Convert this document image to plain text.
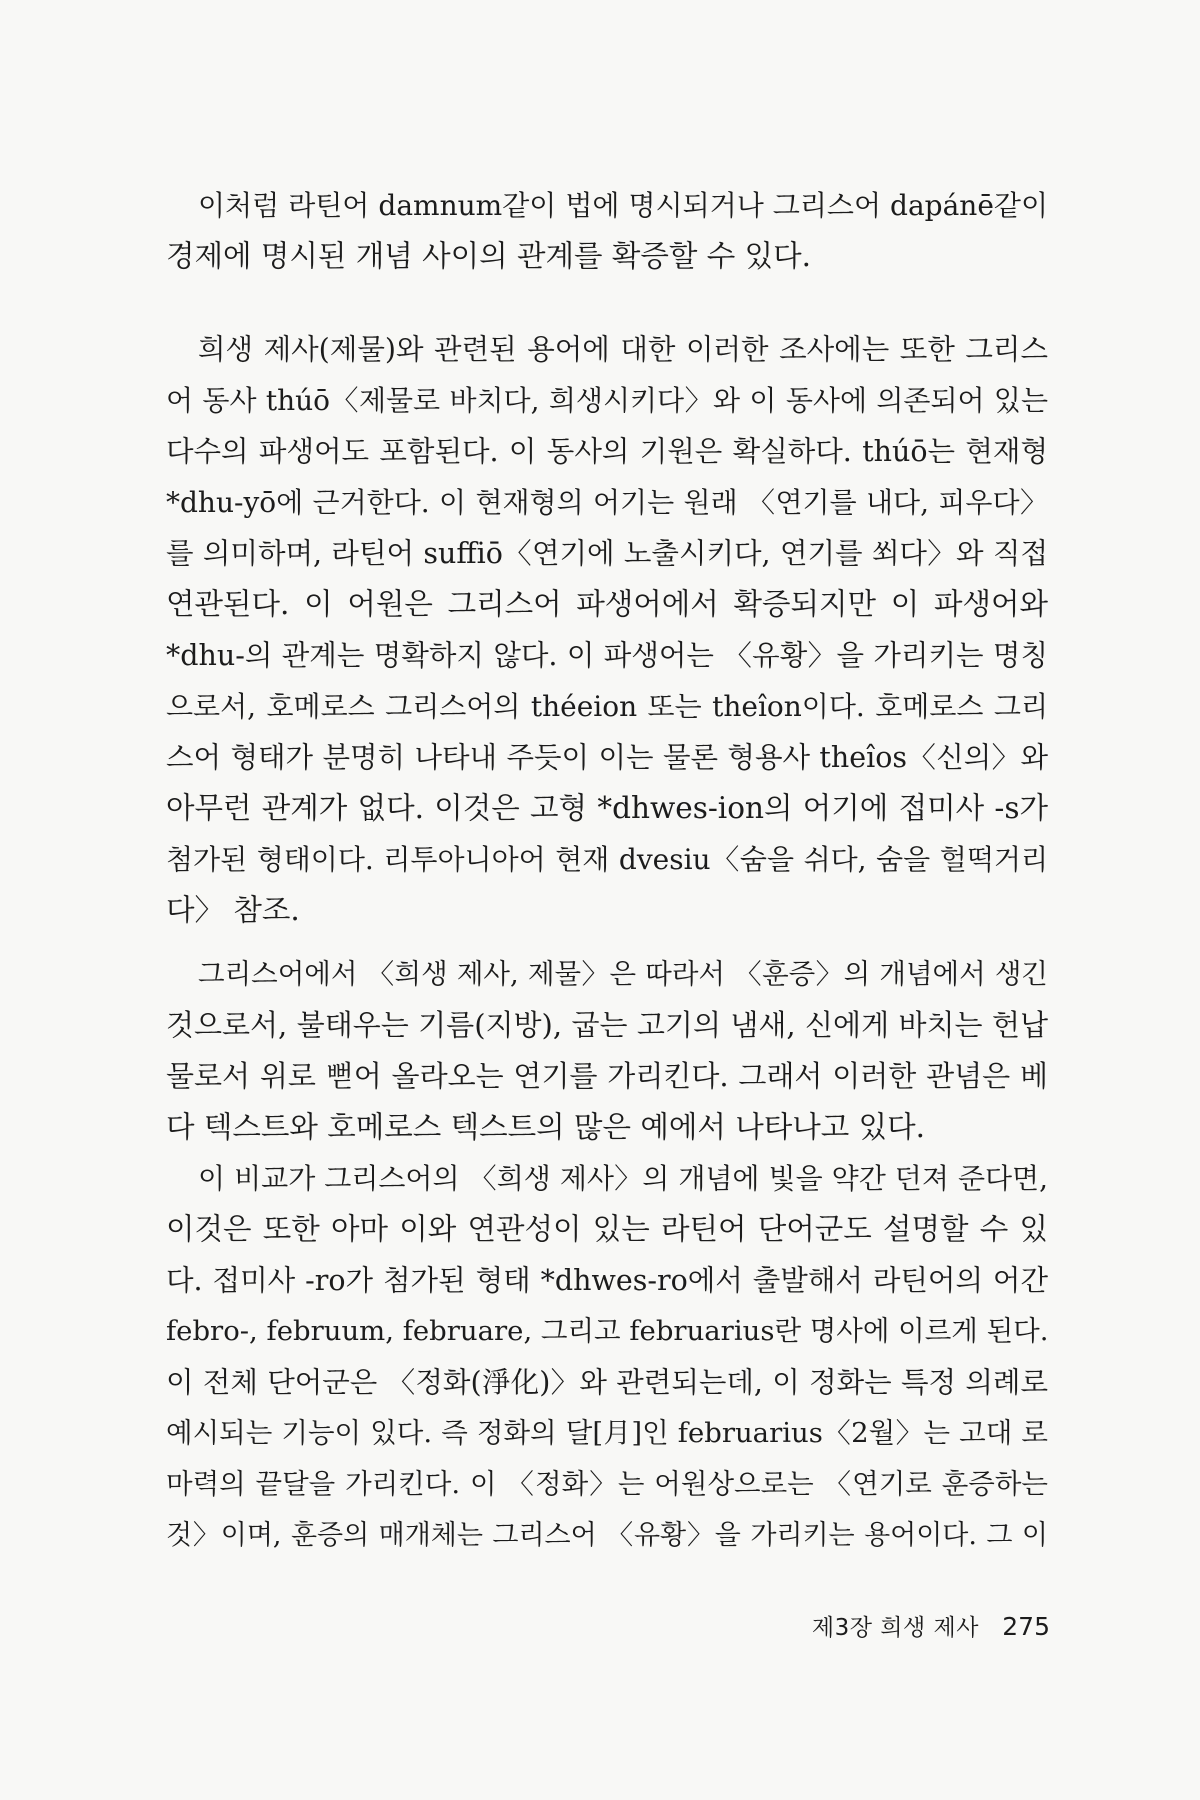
이처럼 라틴어 damnum같이 법에 명시되거나 그리스어 dapánē같이
경제에 명시된 개념 사이의 관계를 확증할 수 있다.
희생 제사(제물)와 관련된 용어에 대한 이러한 조사에는 또한 그리스
어 동사 thúō〈제물로 바치다, 희생시키다〉와 이 동사에 의존되어 있는
다수의 파생어도 포함된다. 이 동사의 기원은 확실하다. thúō는 현재형
*dhu-yō에 근거한다. 이 현재형의 어기는 원래 〈연기를 내다, 피우다〉
를 의미하며, 라틴어 suffiō〈연기에 노출시키다, 연기를 쐬다〉와 직접
연관된다. 이 어원은 그리스어 파생어에서 확증되지만 이 파생어와
*dhu-의 관계는 명확하지 않다. 이 파생어는 〈유황〉을 가리키는 명칭
으로서, 호메로스 그리스어의 théeion 또는 theîon이다. 호메로스 그리
스어 형태가 분명히 나타내 주듯이 이는 물론 형용사 theîos〈신의〉와
아무런 관계가 없다. 이것은 고형 *dhwes-ion의 어기에 접미사 -s가
첨가된 형태이다. 리투아니아어 현재 dvesiu〈숨을 쉬다, 숨을 헐떡거리
다〉 참조.
그리스어에서 〈희생 제사, 제물〉은 따라서 〈훈증〉의 개념에서 생긴
것으로서, 불태우는 기름(지방), 굽는 고기의 냄새, 신에게 바치는 헌납
물로서 위로 뻗어 올라오는 연기를 가리킨다. 그래서 이러한 관념은 베
다 텍스트와 호메로스 텍스트의 많은 예에서 나타나고 있다.
이 비교가 그리스어의 〈희생 제사〉의 개념에 빛을 약간 던져 준다면,
이것은 또한 아마 이와 연관성이 있는 라틴어 단어군도 설명할 수 있
다. 접미사 -ro가 첨가된 형태 *dhwes-ro에서 출발해서 라틴어의 어간
febro-, februum, februare, 그리고 februarius란 명사에 이르게 된다.
이 전체 단어군은 〈정화(淨化)〉와 관련되는데, 이 정화는 특정 의례로
예시되는 기능이 있다. 즉 정화의 달[月]인 februarius〈2월〉는 고대 로
마력의 끝달을 가리킨다. 이 〈정화〉는 어원상으로는 〈연기로 훈증하는
것〉이며, 훈증의 매개체는 그리스어 〈유황〉을 가리키는 용어이다. 그 이
제3장 희생 제사 275
